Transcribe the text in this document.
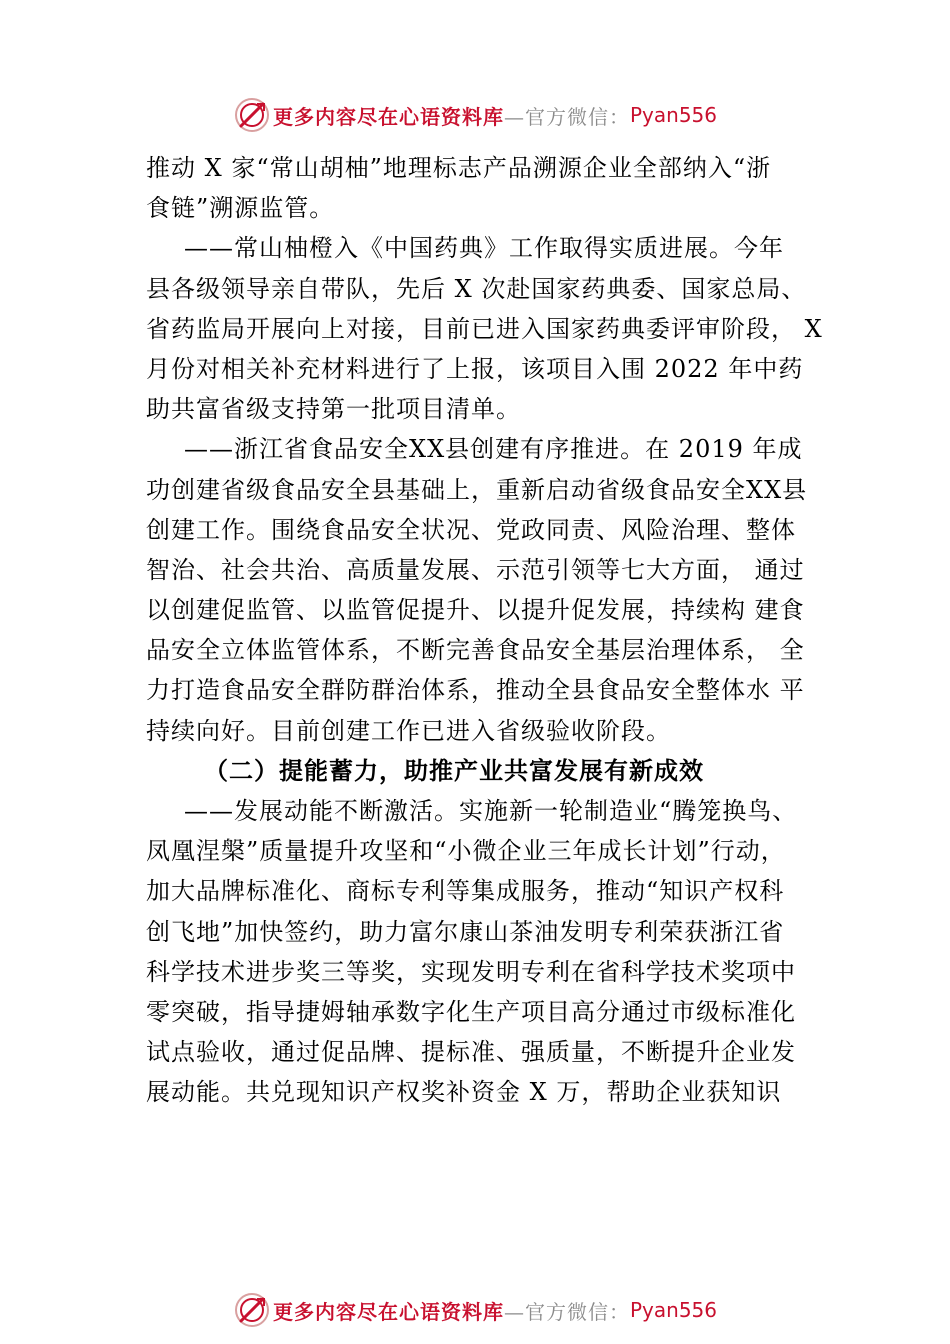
更多内容尽在心语资料库 —官方微信： Pyan556
推动 X 家“常山胡柚”地理标志产品溯源企业全部纳入“浙
食链”溯源监管。
——常山柚橙入《中国药典》工作取得实质进展。今年
县各级领导亲自带队，先后 X 次赴国家药典委、国家总局、
省药监局开展向上对接，目前已进入国家药典委评审阶段， X
月份对相关补充材料进行了上报，该项目入围 2022 年中药
助共富省级支持第一批项目清单。
——浙江省食品安全XX县创建有序推进。在 2019 年成
功创建省级食品安全县基础上，重新启动省级食品安全XX县
创建工作。围绕食品安全状况、党政同责、风险治理、整体
智治、社会共治、高质量发展、示范引领等七大方面， 通过
以创建促监管、以监管促提升、以提升促发展，持续构 建食
品安全立体监管体系，不断完善食品安全基层治理体系， 全
力打造食品安全群防群治体系，推动全县食品安全整体水 平
持续向好。目前创建工作已进入省级验收阶段。
（二）提能蓄力，助推产业共富发展有新成效
——发展动能不断激活。实施新一轮制造业“腾笼换鸟、
凤凰涅槃”质量提升攻坚和“小微企业三年成长计划”行动，
加大品牌标准化、商标专利等集成服务，推动“知识产权科
创飞地”加快签约，助力富尔康山茶油发明专利荣获浙江省
科学技术进步奖三等奖，实现发明专利在省科学技术奖项中
零突破，指导捷姆轴承数字化生产项目高分通过市级标准化
试点验收，通过促品牌、提标准、强质量，不断提升企业发
展动能。共兑现知识产权奖补资金 X 万，帮助企业获知识
更多内容尽在心语资料库 —官方微信： Pyan556
